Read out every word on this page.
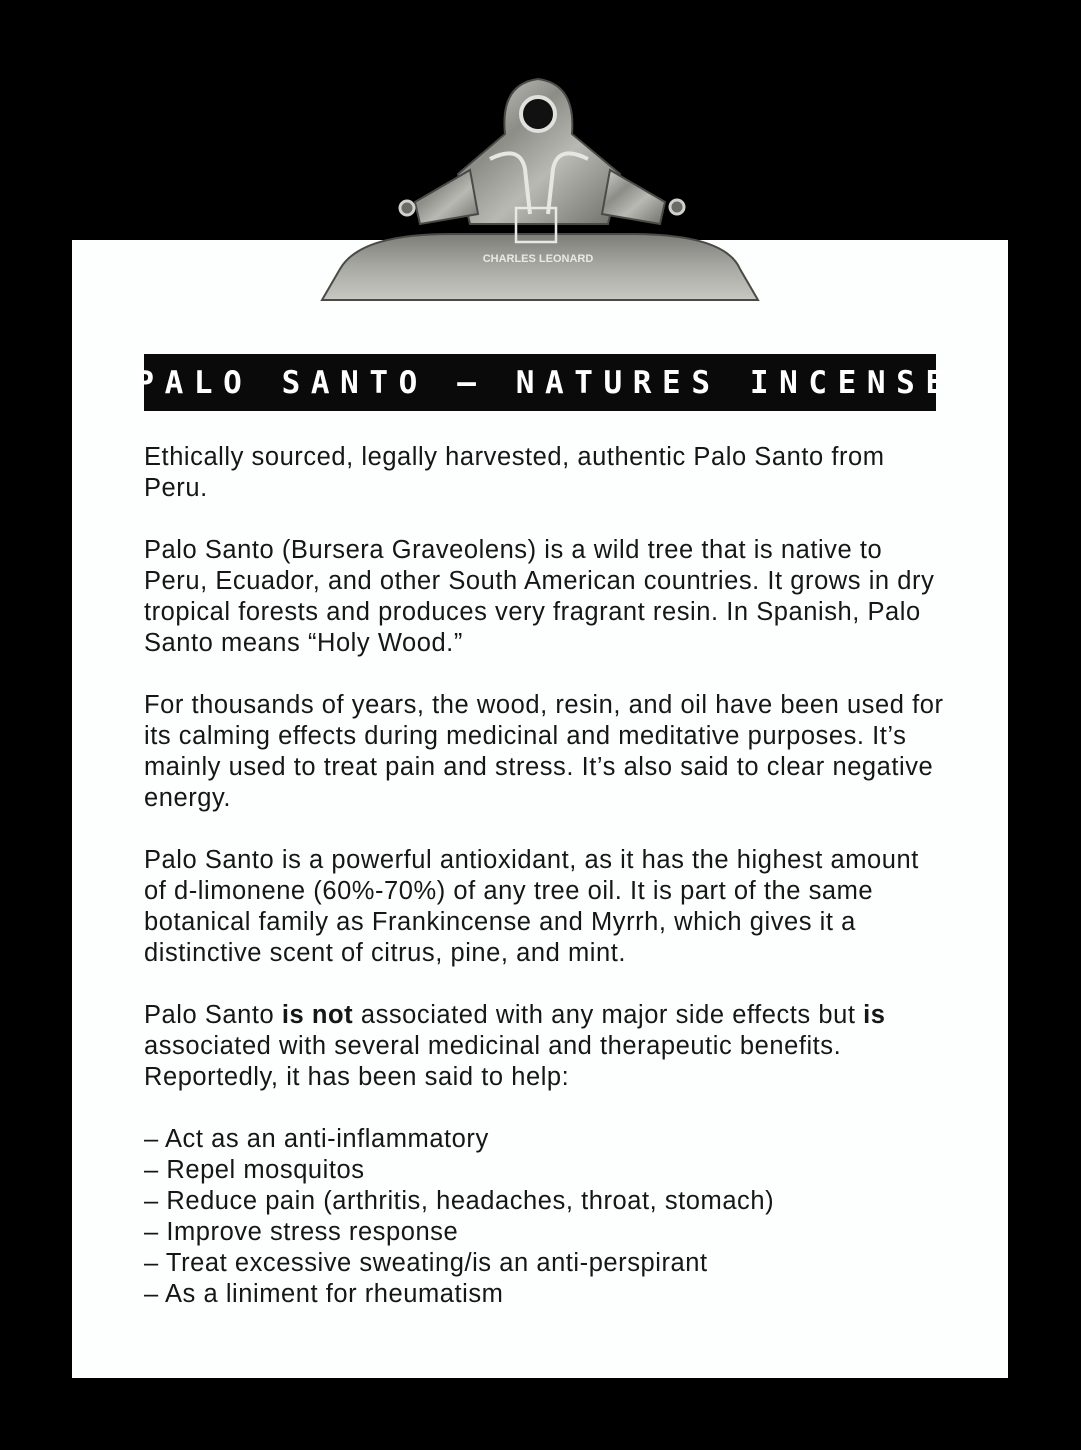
CHARLES LEONARD
PALO SANTO – NATURES INCENSE

Ethically sourced, legally harvested, authentic Palo Santo from Peru.

Palo Santo (Bursera Graveolens) is a wild tree that is native to Peru, Ecuador, and other South American countries. It grows in dry tropical forests and produces very fragrant resin. In Spanish, Palo Santo means “Holy Wood.”

For thousands of years, the wood, resin, and oil have been used for its calming effects during medicinal and meditative purposes. It’s mainly used to treat pain and stress. It’s also said to clear negative energy.

Palo Santo is a powerful antioxidant, as it has the highest amount of d-limonene (60%-70%) of any tree oil. It is part of the same botanical family as Frankincense and Myrrh, which gives it a distinctive scent of citrus, pine, and mint.

Palo Santo is not associated with any major side effects but is associated with several medicinal and therapeutic benefits. Reportedly, it has been said to help:

– Act as an anti-inflammatory
– Repel mosquitos
– Reduce pain (arthritis, headaches, throat, stomach)
– Improve stress response
– Treat excessive sweating/is an anti-perspirant
– As a liniment for rheumatism
